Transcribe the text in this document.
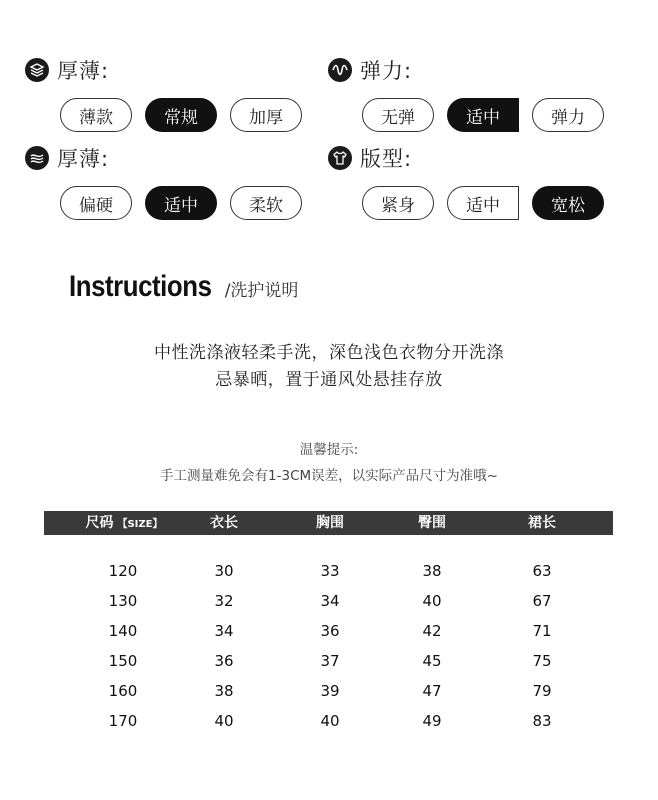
厚薄:
薄款	常规	加厚
弹力:
无弹	适中	弹力
厚薄:
偏硬	适中	柔软
版型:
紧身	适中	宽松
Instructions /洗护说明
中性洗涤液轻柔手洗，深色浅色衣物分开洗涤
忌暴晒，置于通风处悬挂存放
温馨提示:
手工测量难免会有1-3CM误差，以实际产品尺寸为准哦~
尺码 【SIZE】	衣长	胸围	臀围	裙长
120	30	33	38	63
130	32	34	40	67
140	34	36	42	71
150	36	37	45	75
160	38	39	47	79
170	40	40	49	83
